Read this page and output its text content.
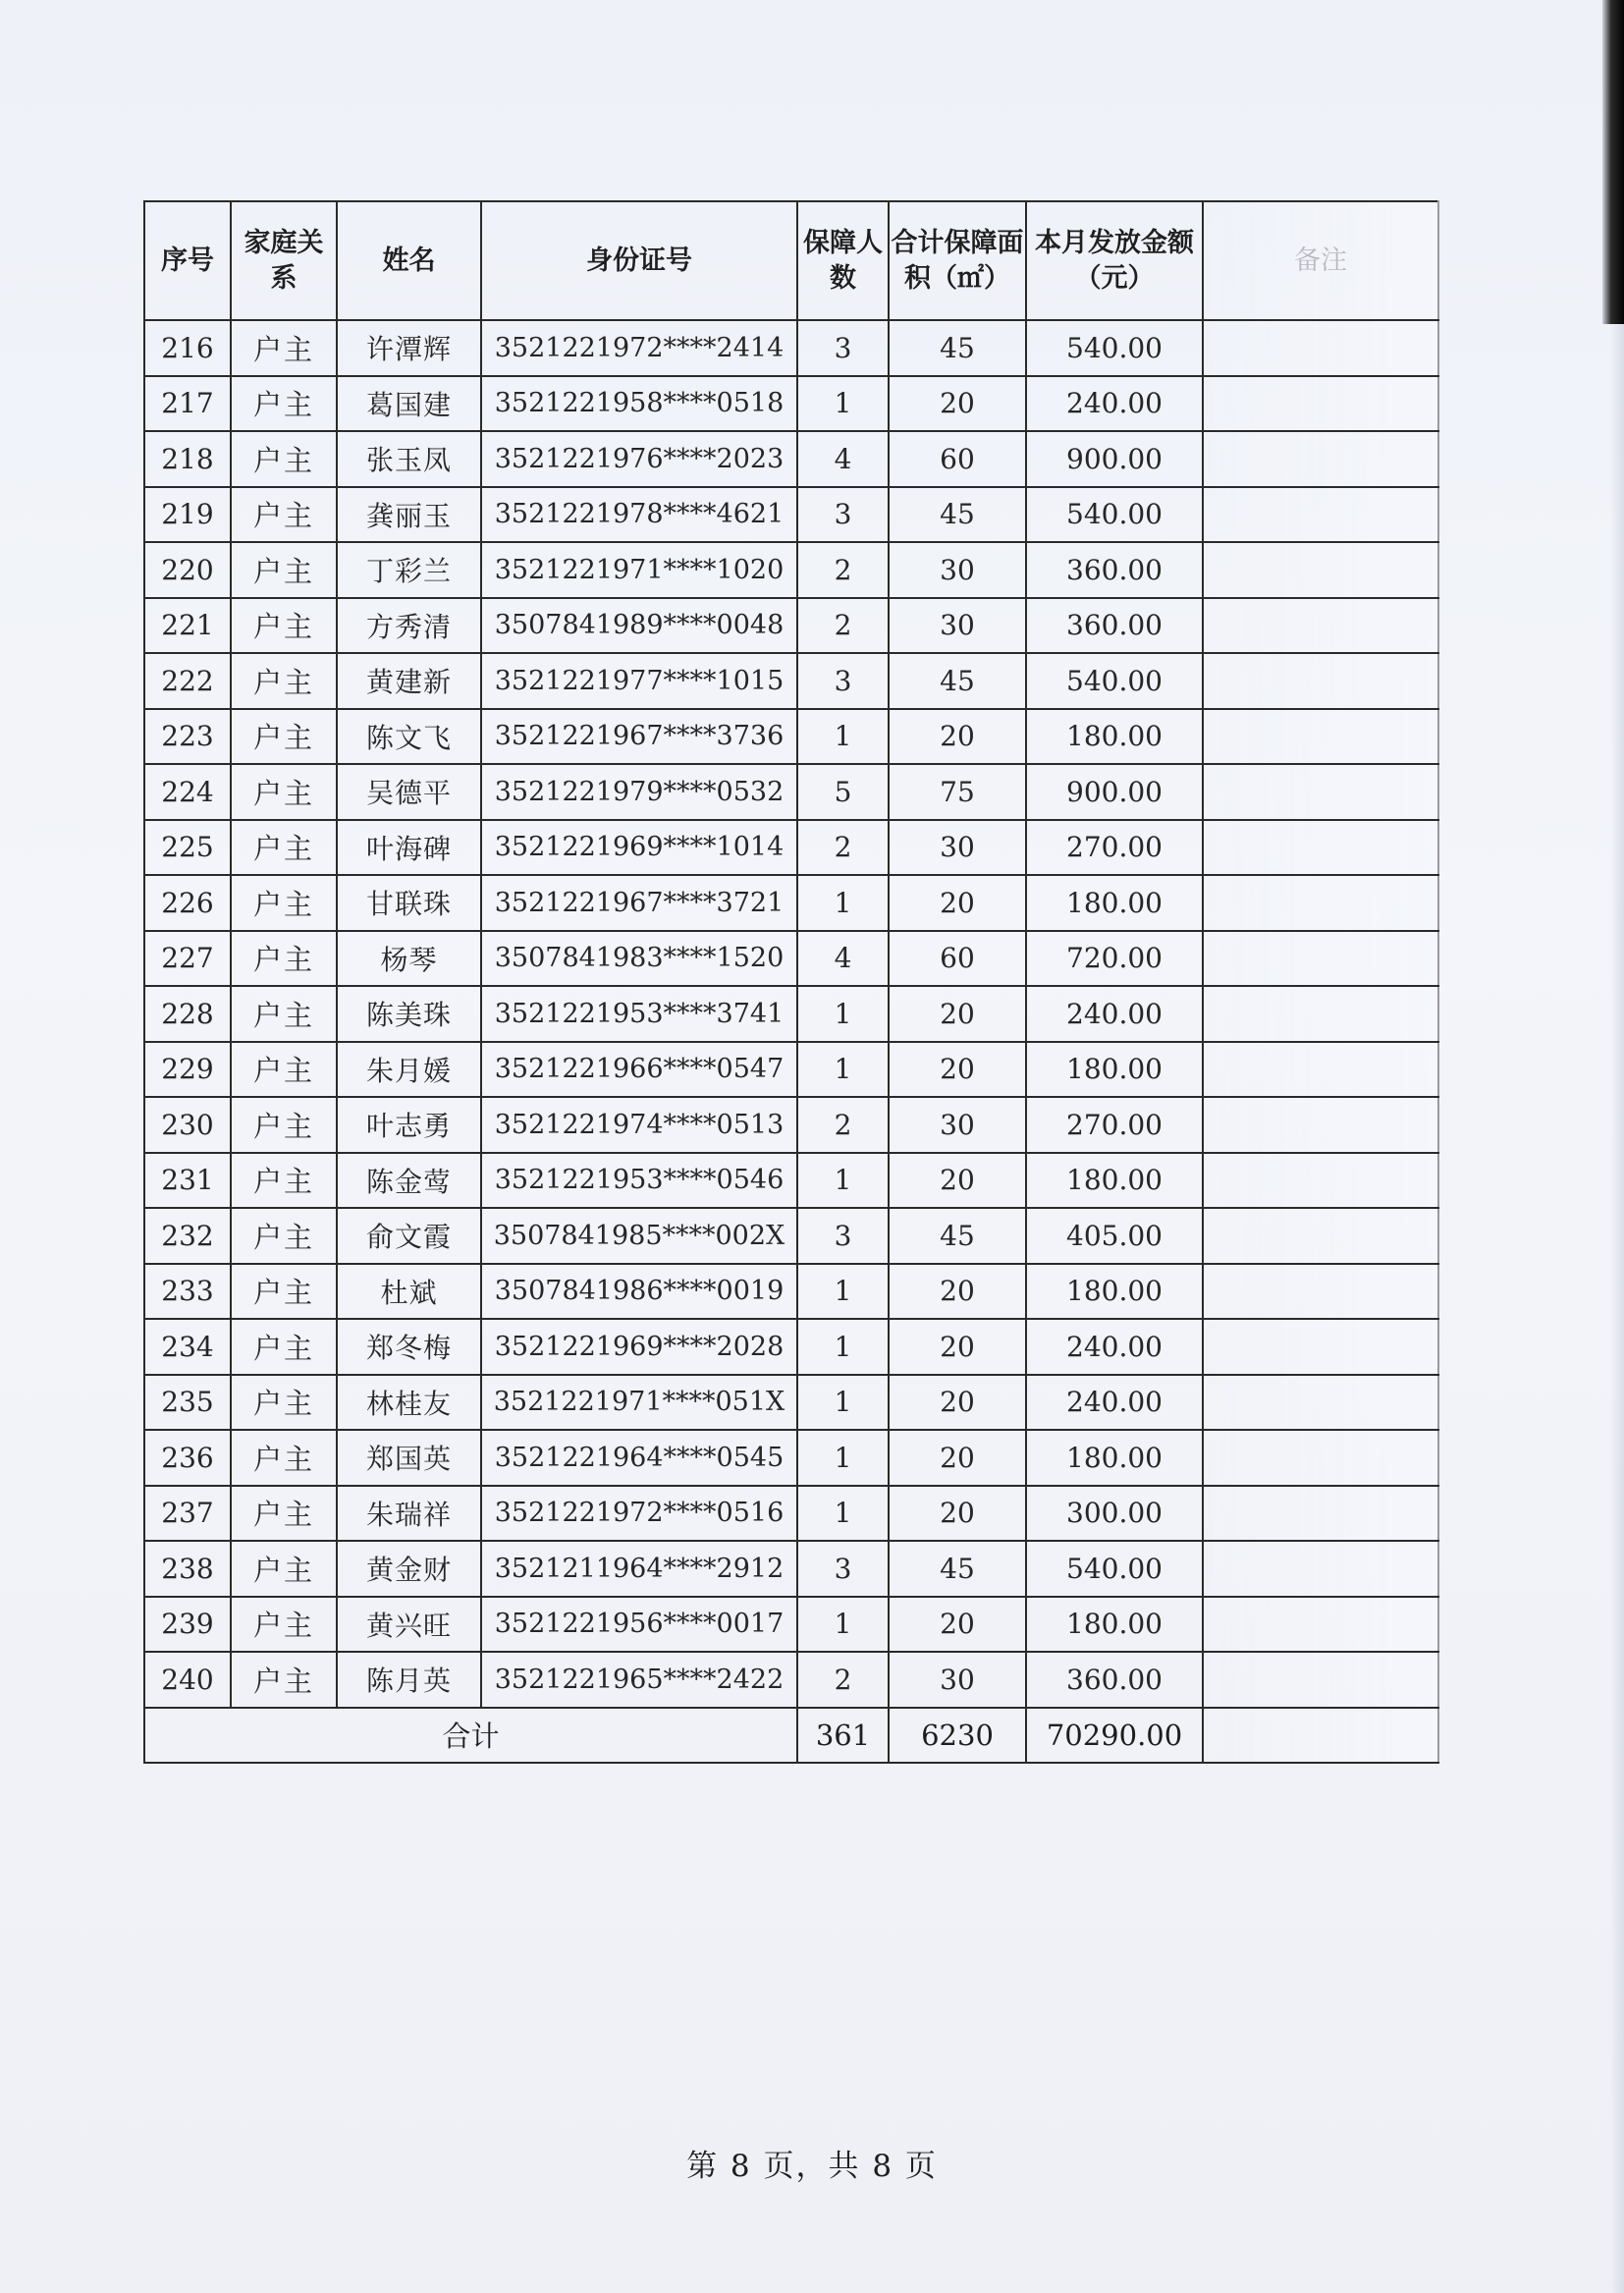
序号	家庭关系	姓名	身份证号	保障人数	合计保障面积（㎡）	本月发放金额（元）	备注
216	户主	许潭辉	3521221972****2414	3	45	540.00	
217	户主	葛国建	3521221958****0518	1	20	240.00	
218	户主	张玉凤	3521221976****2023	4	60	900.00	
219	户主	龚丽玉	3521221978****4621	3	45	540.00	
220	户主	丁彩兰	3521221971****1020	2	30	360.00	
221	户主	方秀清	3507841989****0048	2	30	360.00	
222	户主	黄建新	3521221977****1015	3	45	540.00	
223	户主	陈文飞	3521221967****3736	1	20	180.00	
224	户主	吴德平	3521221979****0532	5	75	900.00	
225	户主	叶海碑	3521221969****1014	2	30	270.00	
226	户主	甘联珠	3521221967****3721	1	20	180.00	
227	户主	杨琴	3507841983****1520	4	60	720.00	
228	户主	陈美珠	3521221953****3741	1	20	240.00	
229	户主	朱月媛	3521221966****0547	1	20	180.00	
230	户主	叶志勇	3521221974****0513	2	30	270.00	
231	户主	陈金莺	3521221953****0546	1	20	180.00	
232	户主	俞文霞	3507841985****002X	3	45	405.00	
233	户主	杜斌	3507841986****0019	1	20	180.00	
234	户主	郑冬梅	3521221969****2028	1	20	240.00	
235	户主	林桂友	3521221971****051X	1	20	240.00	
236	户主	郑国英	3521221964****0545	1	20	180.00	
237	户主	朱瑞祥	3521221972****0516	1	20	300.00	
238	户主	黄金财	3521211964****2912	3	45	540.00	
239	户主	黄兴旺	3521221956****0017	1	20	180.00	
240	户主	陈月英	3521221965****2422	2	30	360.00	
合计				361	6230	70290.00	
第 8 页，共 8 页
